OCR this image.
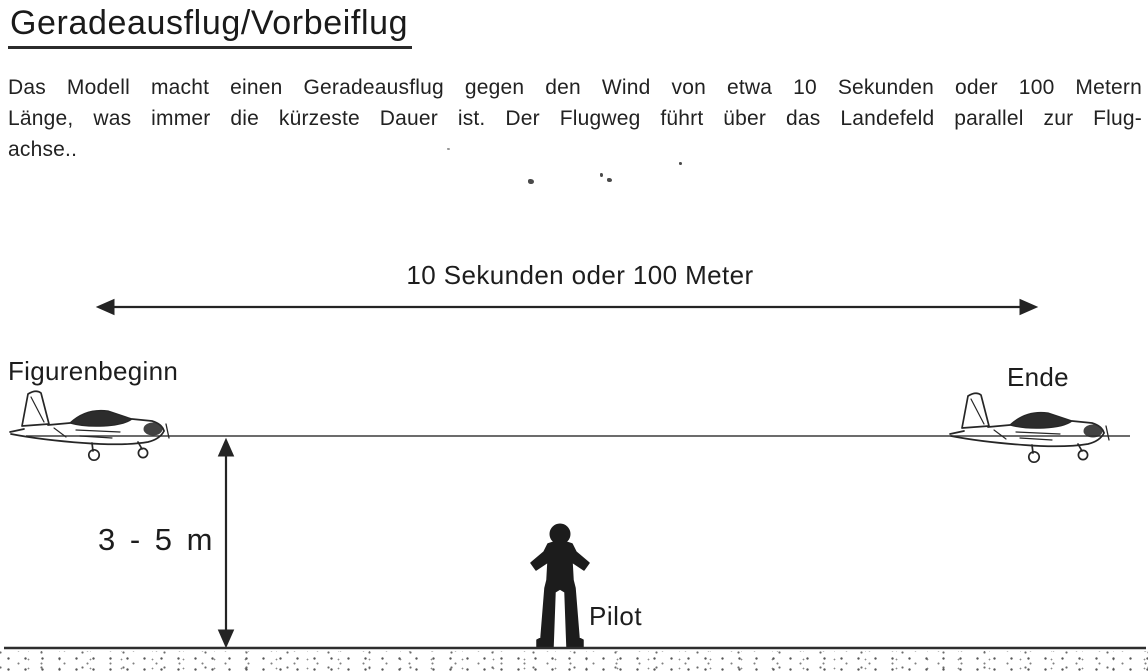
Geradeausflug/Vorbeiflug
Das Modell macht einen Geradeausflug gegen den Wind von etwa 10 Sekunden oder 100 Metern
Länge, was immer die kürzeste Dauer ist. Der Flugweg führt über das Landefeld parallel zur Flug-
achse..
10 Sekunden oder 100 Meter
Figurenbeginn	Ende
3 - 5 m
Pilot
